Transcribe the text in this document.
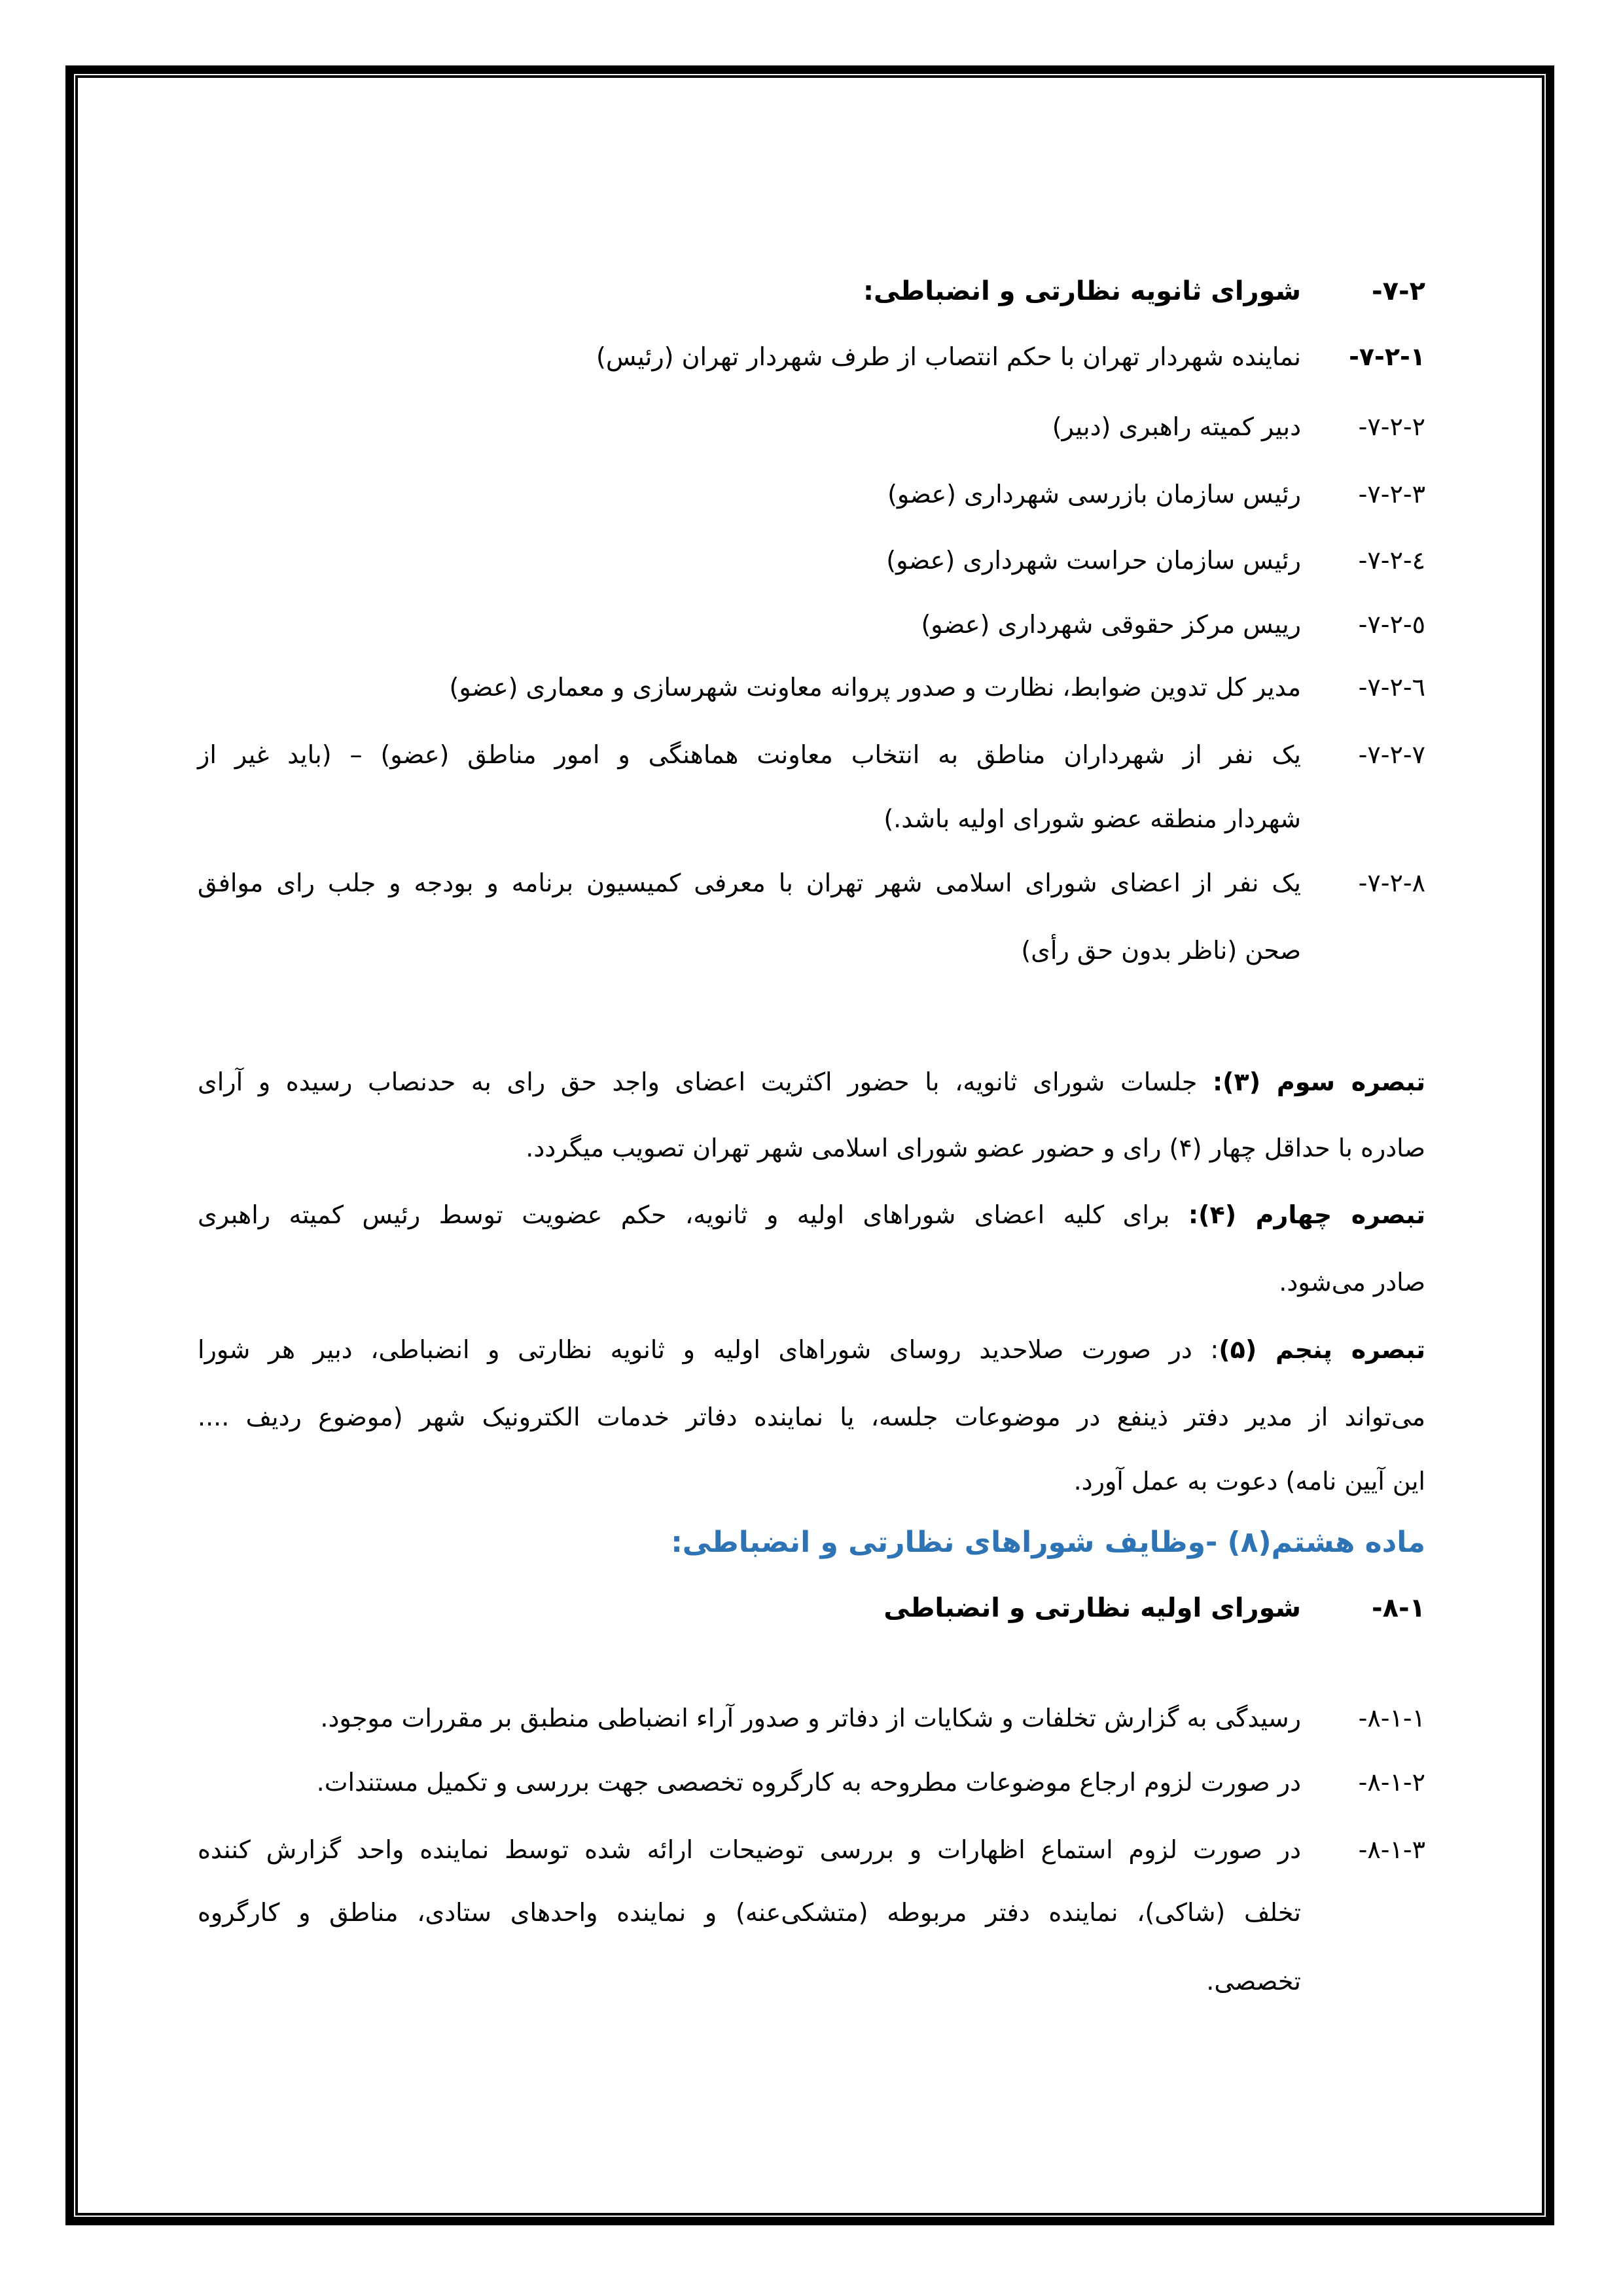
-۷-۲
شورای ثانویه نظارتی و انضباطی:
-۷-۲-۱
نماینده شهردار تهران با حکم انتصاب از طرف شهردار تهران (رئیس)
-۷-۲-۲
دبیر کمیته راهبری (دبیر)
-۷-۲-۳
رئیس سازمان بازرسی شهرداری (عضو)
-۷-۲-٤
رئیس سازمان حراست شهرداری (عضو)
-۷-۲-٥
رییس مرکز حقوقی شهرداری (عضو)
-۷-۲-٦
مدیر کل تدوین ضوابط، نظارت و صدور پروانه معاونت شهرسازی و معماری (عضو)
-۷-۲-۷
یک نفر از شهرداران مناطق به انتخاب معاونت هماهنگی و امور مناطق (عضو) – (باید غیر از
شهردار منطقه عضو شورای اولیه باشد.)
-۷-۲-۸
یک نفر از اعضای شورای اسلامی شهر تهران با معرفی کمیسیون برنامه و بودجه و جلب رای موافق
صحن (ناظر بدون حق رأی)
تبصره سوم (۳): جلسات شورای ثانویه، با حضور اکثریت اعضای واجد حق رای به حدنصاب رسیده و آرای
صادره با حداقل چهار (۴) رای و حضور عضو شورای اسلامی شهر تهران تصویب میگردد.
تبصره چهارم (۴): برای کلیه اعضای شوراهای اولیه و ثانویه، حکم عضویت توسط رئیس کمیته راهبری
صادر می‌شود.
تبصره پنجم (۵): در صورت صلاحدید روسای شوراهای اولیه و ثانویه نظارتی و انضباطی، دبیر هر شورا
می‌تواند از مدیر دفتر ذینفع در موضوعات جلسه، یا نماینده دفاتر خدمات الکترونیک شهر (موضوع ردیف ....
این آیین نامه) دعوت به عمل آورد.
ماده هشتم(۸) -وظایف شوراهای نظارتی و انضباطی:
-۸-۱
شورای اولیه نظارتی و انضباطی
-۸-۱-۱
رسیدگی به گزارش تخلفات و شکایات از دفاتر و صدور آراء انضباطی منطبق بر مقررات موجود.
-۸-۱-۲
در صورت لزوم ارجاع موضوعات مطروحه به کارگروه تخصصی جهت بررسی و تکمیل مستندات.
-۸-۱-۳
در صورت لزوم استماع اظهارات و بررسی توضیحات ارائه شده توسط نماینده واحد گزارش کننده
تخلف (شاکی)، نماینده دفتر مربوطه (متشکی‌عنه) و نماینده واحدهای ستادی، مناطق و کارگروه
تخصصی.
